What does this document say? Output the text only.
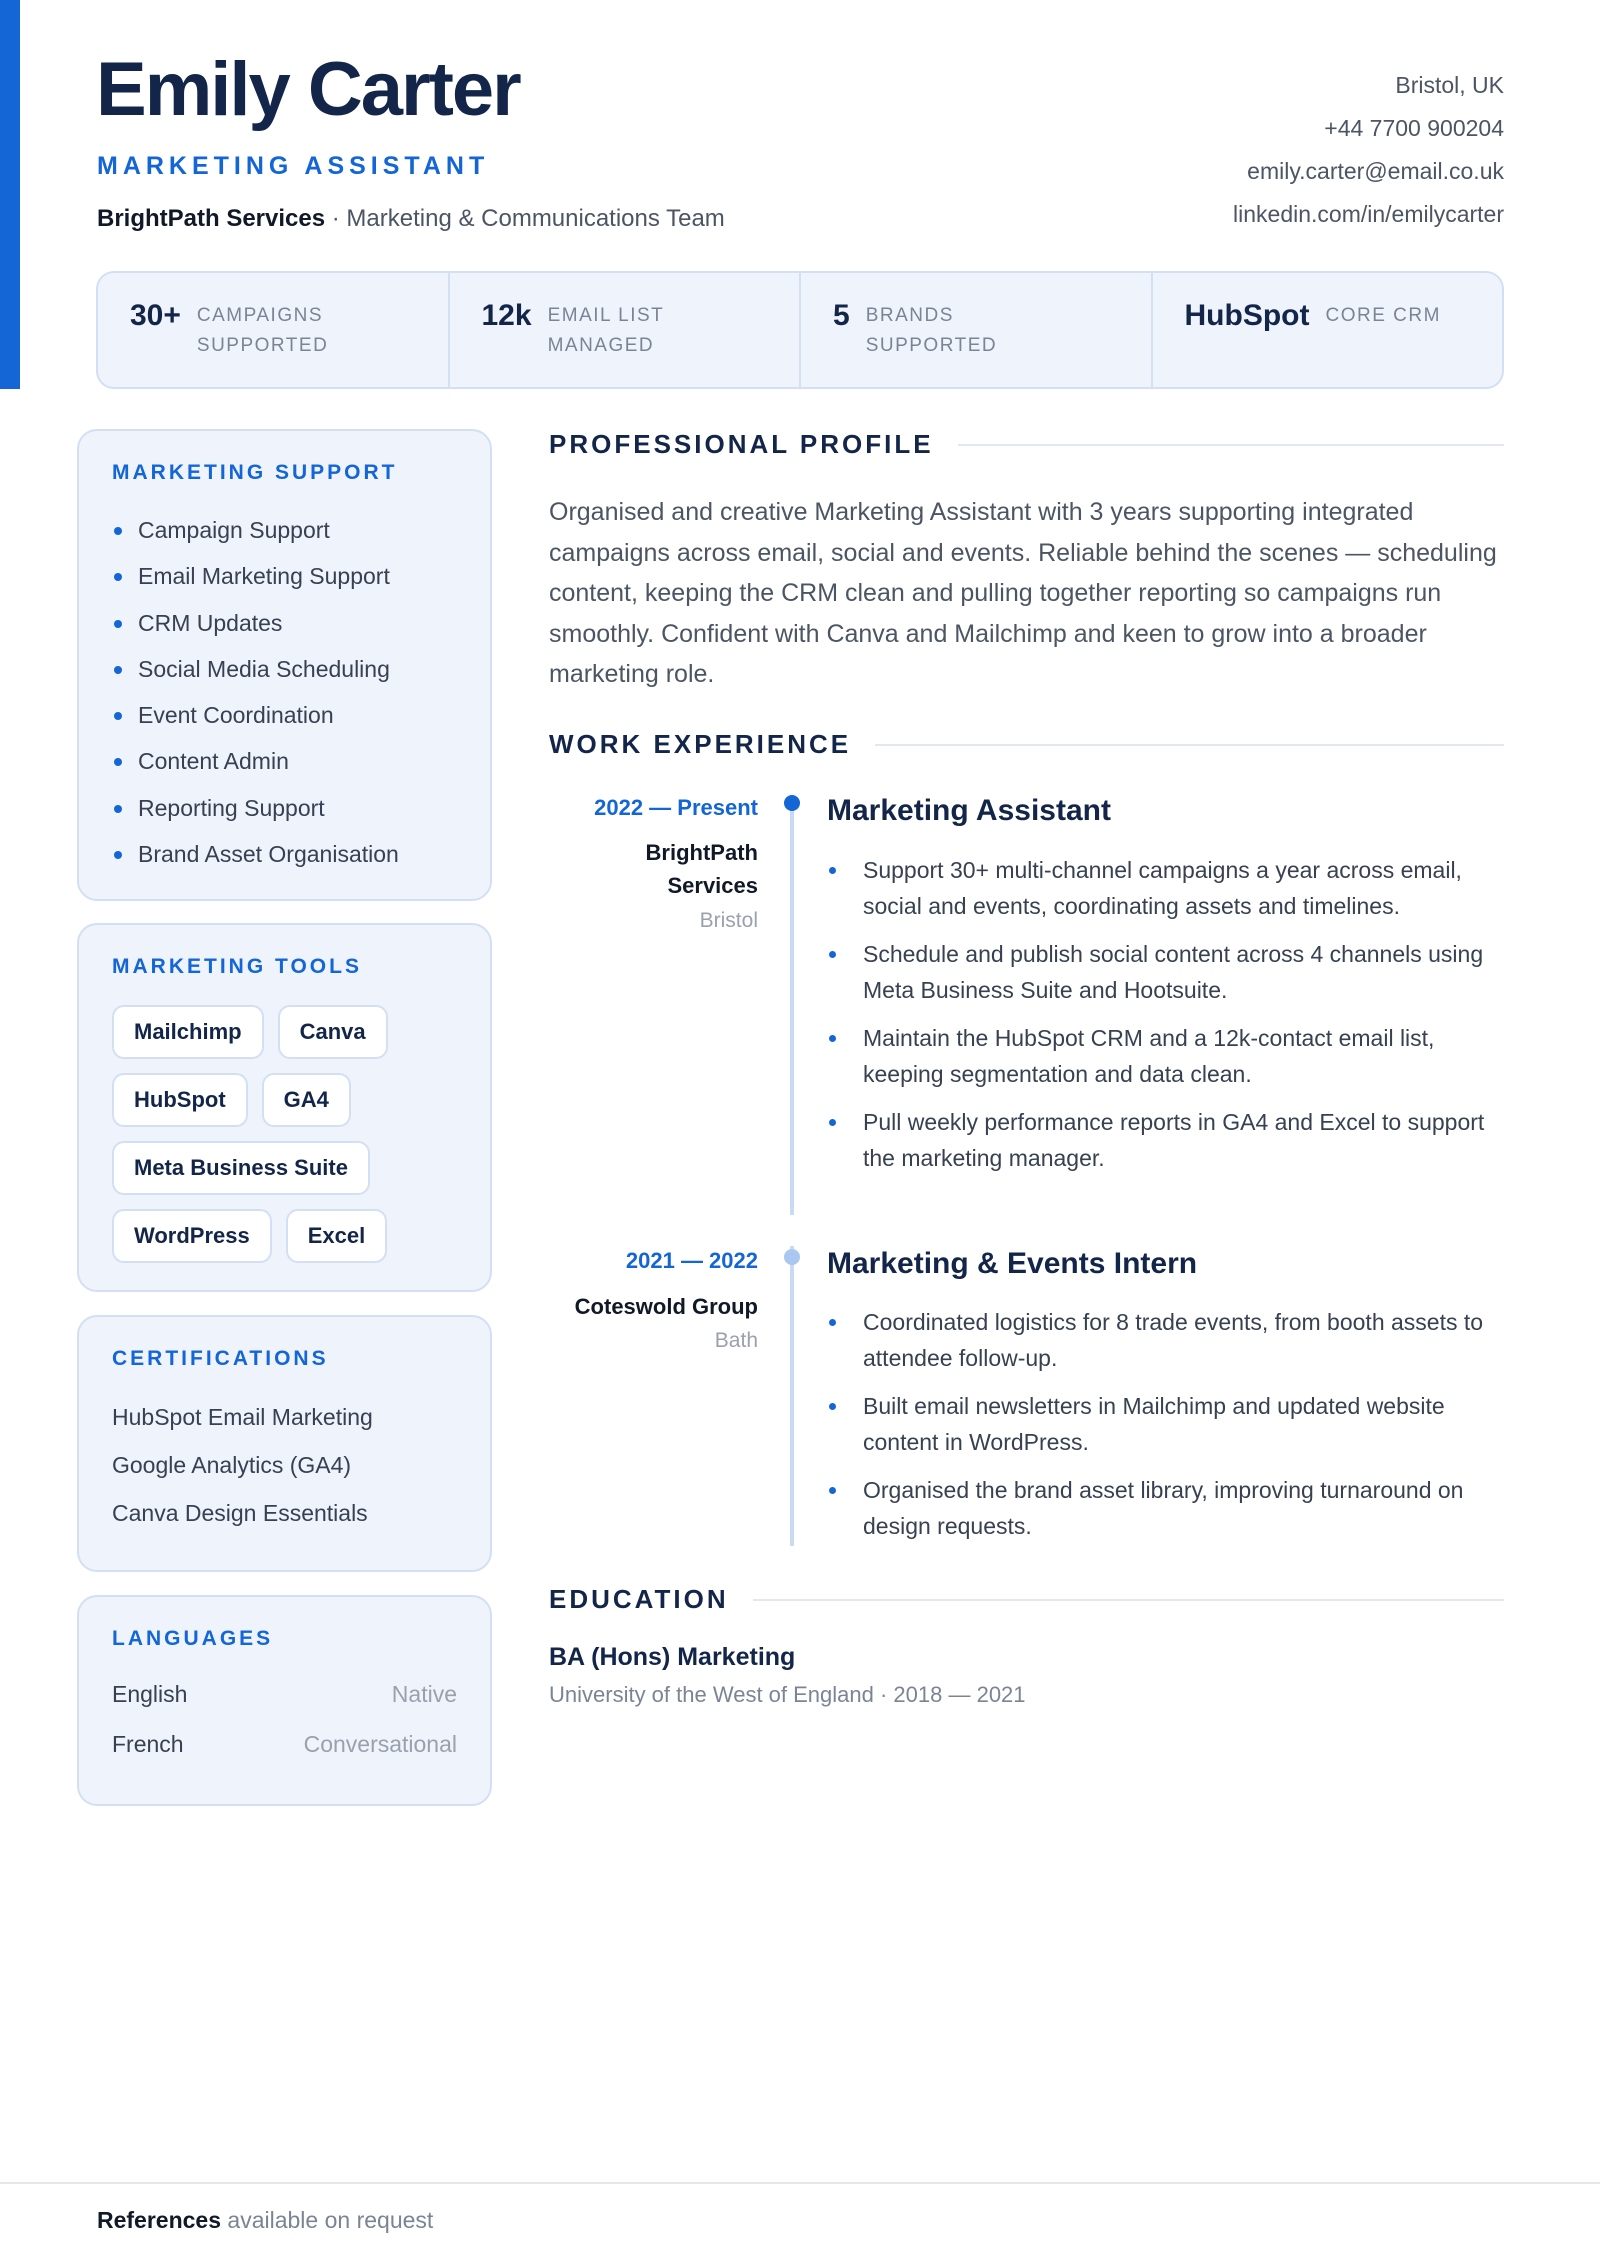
Emily Carter
MARKETING ASSISTANT
BrightPath Services · Marketing & Communications Team
Bristol, UK
+44 7700 900204
emily.carter@email.co.uk
linkedin.com/in/emilycarter
30+ CAMPAIGNS SUPPORTED
12k EMAIL LIST MANAGED
5 BRANDS SUPPORTED
HubSpot CORE CRM
MARKETING SUPPORT
Campaign Support
Email Marketing Support
CRM Updates
Social Media Scheduling
Event Coordination
Content Admin
Reporting Support
Brand Asset Organisation
MARKETING TOOLS
Mailchimp	Canva
HubSpot	GA4
Meta Business Suite
WordPress	Excel
CERTIFICATIONS
HubSpot Email Marketing
Google Analytics (GA4)
Canva Design Essentials
LANGUAGES
English	Native
French	Conversational
PROFESSIONAL PROFILE

Organised and creative Marketing Assistant with 3 years supporting integrated campaigns across email, social and events. Reliable behind the scenes — scheduling content, keeping the CRM clean and pulling together reporting so campaigns run smoothly. Confident with Canva and Mailchimp and keen to grow into a broader marketing role.

WORK EXPERIENCE
2022 — Present
BrightPath Services
Bristol
Marketing Assistant
Support 30+ multi-channel campaigns a year across email, social and events, coordinating assets and timelines.
Schedule and publish social content across 4 channels using Meta Business Suite and Hootsuite.
Maintain the HubSpot CRM and a 12k-contact email list, keeping segmentation and data clean.
Pull weekly performance reports in GA4 and Excel to support the marketing manager.
2021 — 2022
Coteswold Group
Bath
Marketing & Events Intern
Coordinated logistics for 8 trade events, from booth assets to attendee follow-up.
Built email newsletters in Mailchimp and updated website content in WordPress.
Organised the brand asset library, improving turnaround on design requests.
EDUCATION
BA (Hons) Marketing
University of the West of England · 2018 — 2021
References available on request
